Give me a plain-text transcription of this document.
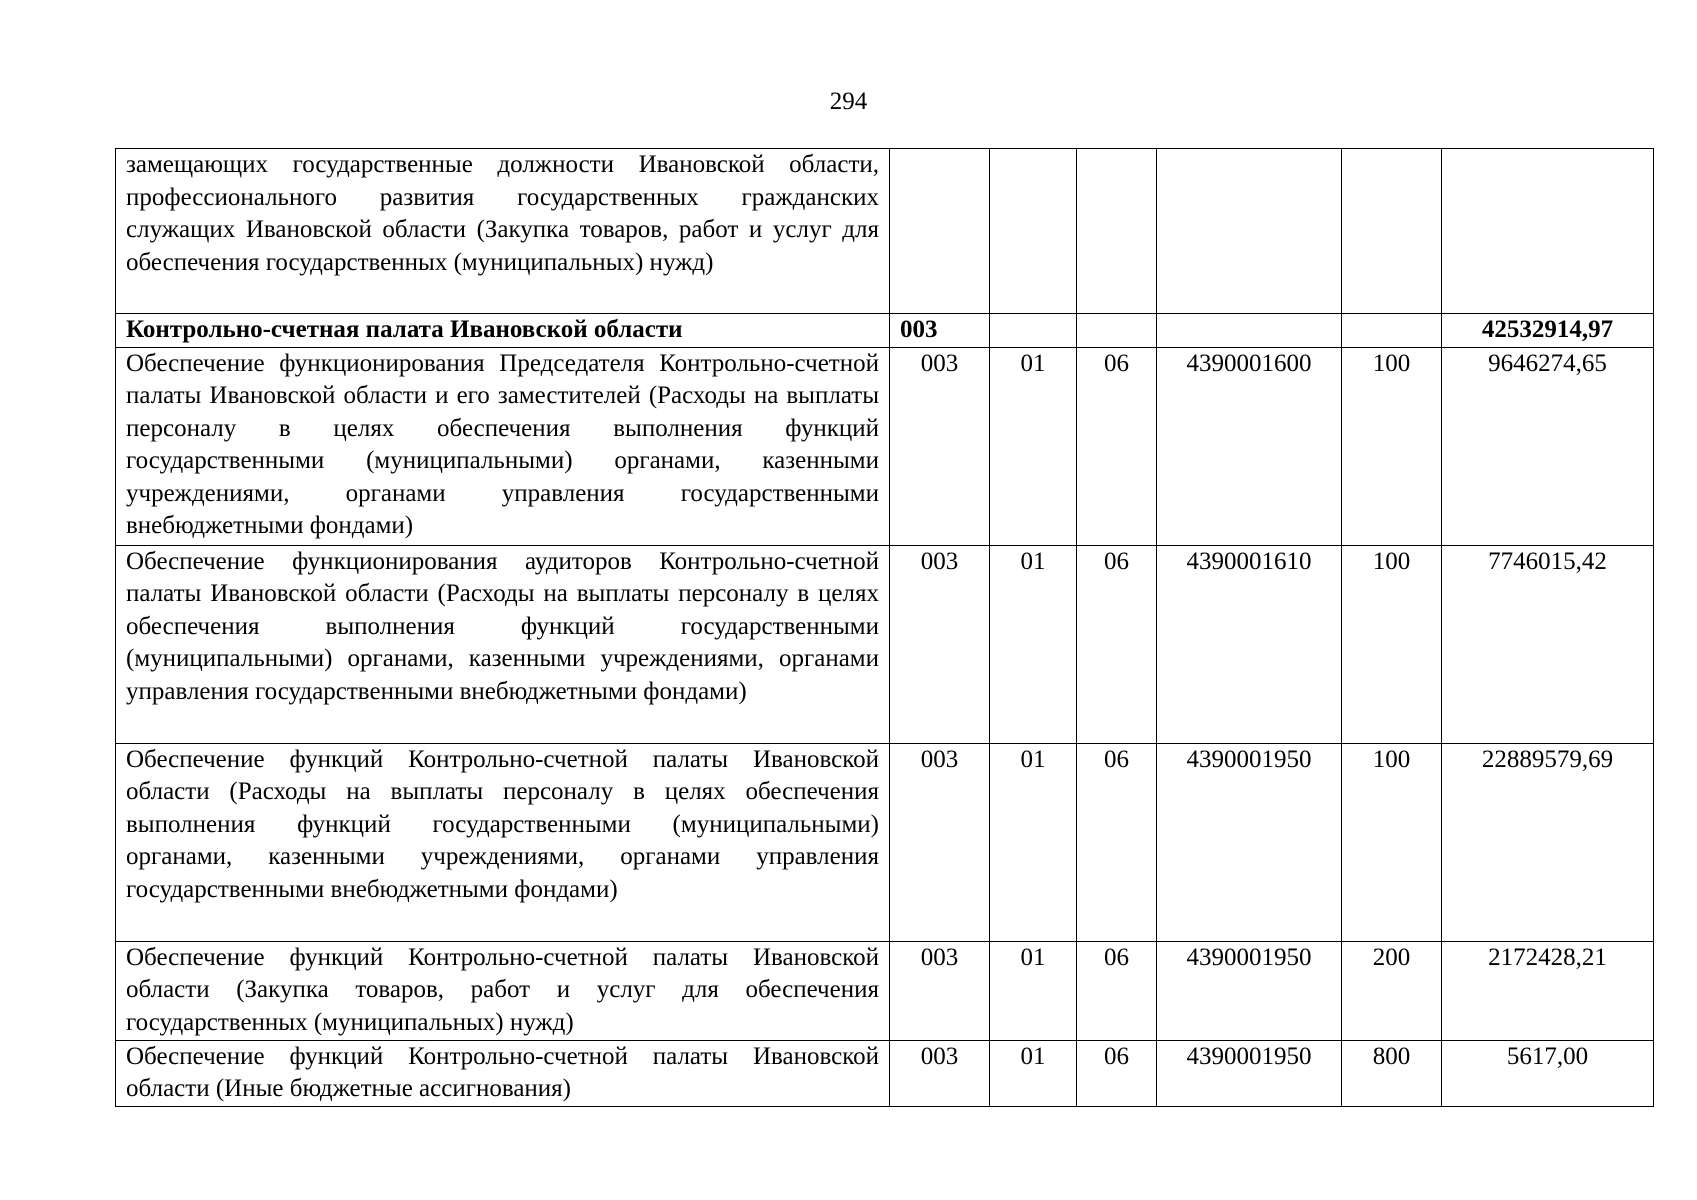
294
замещающих государственные должности Ивановской области, профессионального развития государственных гражданских служащих Ивановской области (Закупка товаров, работ и услуг для обеспечения государственных (муниципальных) нужд)						
Контрольно-счетная палата Ивановской области	003					42532914,97
Обеспечение функционирования Председателя Контрольно-счетной палаты Ивановской области и его заместителей (Расходы на выплаты персоналу в целях обеспечения выполнения функций государственными (муниципальными) органами, казенными учреждениями, органами управления государственными внебюджетными фондами)	003	01	06	4390001600	100	9646274,65
Обеспечение функционирования аудиторов Контрольно-счетной палаты Ивановской области (Расходы на выплаты персоналу в целях обеспечения выполнения функций государственными (муниципальными) органами, казенными учреждениями, органами управления государственными внебюджетными фондами)	003	01	06	4390001610	100	7746015,42
Обеспечение функций Контрольно-счетной палаты Ивановской области (Расходы на выплаты персоналу в целях обеспечения выполнения функций государственными (муниципальными) органами, казенными учреждениями, органами управления государственными внебюджетными фондами)	003	01	06	4390001950	100	22889579,69
Обеспечение функций Контрольно-счетной палаты Ивановской области (Закупка товаров, работ и услуг для обеспечения государственных (муниципальных) нужд)	003	01	06	4390001950	200	2172428,21
Обеспечение функций Контрольно-счетной палаты Ивановской области (Иные бюджетные ассигнования)	003	01	06	4390001950	800	5617,00
